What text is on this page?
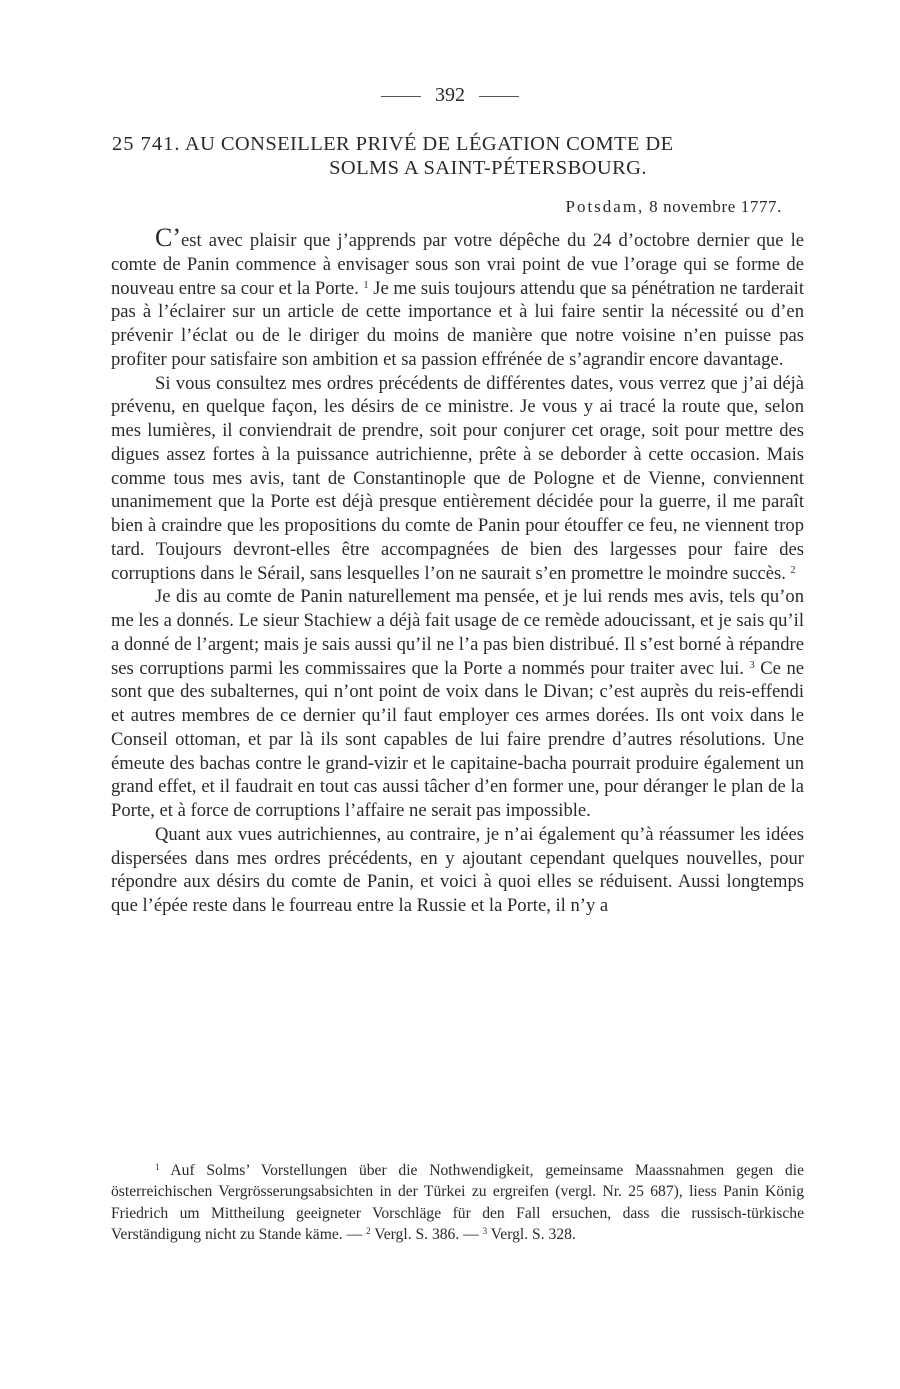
392
25 741. AU CONSEILLER PRIVÉ DE LÉGATION COMTE DE
SOLMS A SAINT-PÉTERSBOURG.
Potsdam, 8 novembre 1777.

C’est avec plaisir que j’apprends par votre dépêche du 24 d’octobre dernier que le comte de Panin commence à envisager sous son vrai point de vue l’orage qui se forme de nouveau entre sa cour et la Porte. $^1$ Je me suis toujours attendu que sa pénétration ne tarderait pas à l’éclairer sur un article de cette importance et à lui faire sentir la nécessité ou d’en prévenir l’éclat ou de le diriger du moins de manière que notre voisine n’en puisse pas profiter pour satisfaire son ambition et sa passion effrénée de s’agrandir encore davantage.

Si vous consultez mes ordres précédents de différentes dates, vous verrez que j’ai déjà prévenu, en quelque façon, les désirs de ce ministre. Je vous y ai tracé la route que, selon mes lumières, il conviendrait de prendre, soit pour conjurer cet orage, soit pour mettre des digues assez fortes à la puissance autrichienne, prête à se deborder à cette occasion. Mais comme tous mes avis, tant de Constantinople que de Pologne et de Vienne, conviennent unanimement que la Porte est déjà presque entièrement décidée pour la guerre, il me paraît bien à craindre que les propositions du comte de Panin pour étouffer ce feu, ne viennent trop tard. Toujours devront-elles être accompagnées de bien des largesses pour faire des corruptions dans le Sérail, sans lesquelles l’on ne saurait s’en promettre le moindre succès. $^2$

Je dis au comte de Panin naturellement ma pensée, et je lui rends mes avis, tels qu’on me les a donnés. Le sieur Stachiew a déjà fait usage de ce remède adoucissant, et je sais qu’il a donné de l’argent; mais je sais aussi qu’il ne l’a pas bien distribué. Il s’est borné à répandre ses corruptions parmi les commissaires que la Porte a nommés pour traiter avec lui. $^3$ Ce ne sont que des subalternes, qui n’ont point de voix dans le Divan; c’est auprès du reis-effendi et autres membres de ce dernier qu’il faut employer ces armes dorées. Ils ont voix dans le Conseil ottoman, et par là ils sont capables de lui faire prendre d’autres résolutions. Une émeute des bachas contre le grand-vizir et le capitaine-bacha pourrait produire également un grand effet, et il faudrait en tout cas aussi tâcher d’en former une, pour déranger le plan de la Porte, et à force de corruptions l’affaire ne serait pas impossible.

Quant aux vues autrichiennes, au contraire, je n’ai également qu’à réassumer les idées dispersées dans mes ordres précédents, en y ajoutant cependant quelques nouvelles, pour répondre aux désirs du comte de Panin, et voici à quoi elles se réduisent. Aussi longtemps que l’épée reste dans le fourreau entre la Russie et la Porte, il n’y a

$^1$ Auf Solms’ Vorstellungen über die Nothwendigkeit, gemeinsame Maassnahmen gegen die österreichischen Vergrösserungsabsichten in der Türkei zu ergreifen (vergl. Nr. 25 687), liess Panin König Friedrich um Mittheilung geeigneter Vorschläge für den Fall ersuchen, dass die russisch-türkische Verständigung nicht zu Stande käme. — $^2$ Vergl. S. 386. — $^3$ Vergl. S. 328.
